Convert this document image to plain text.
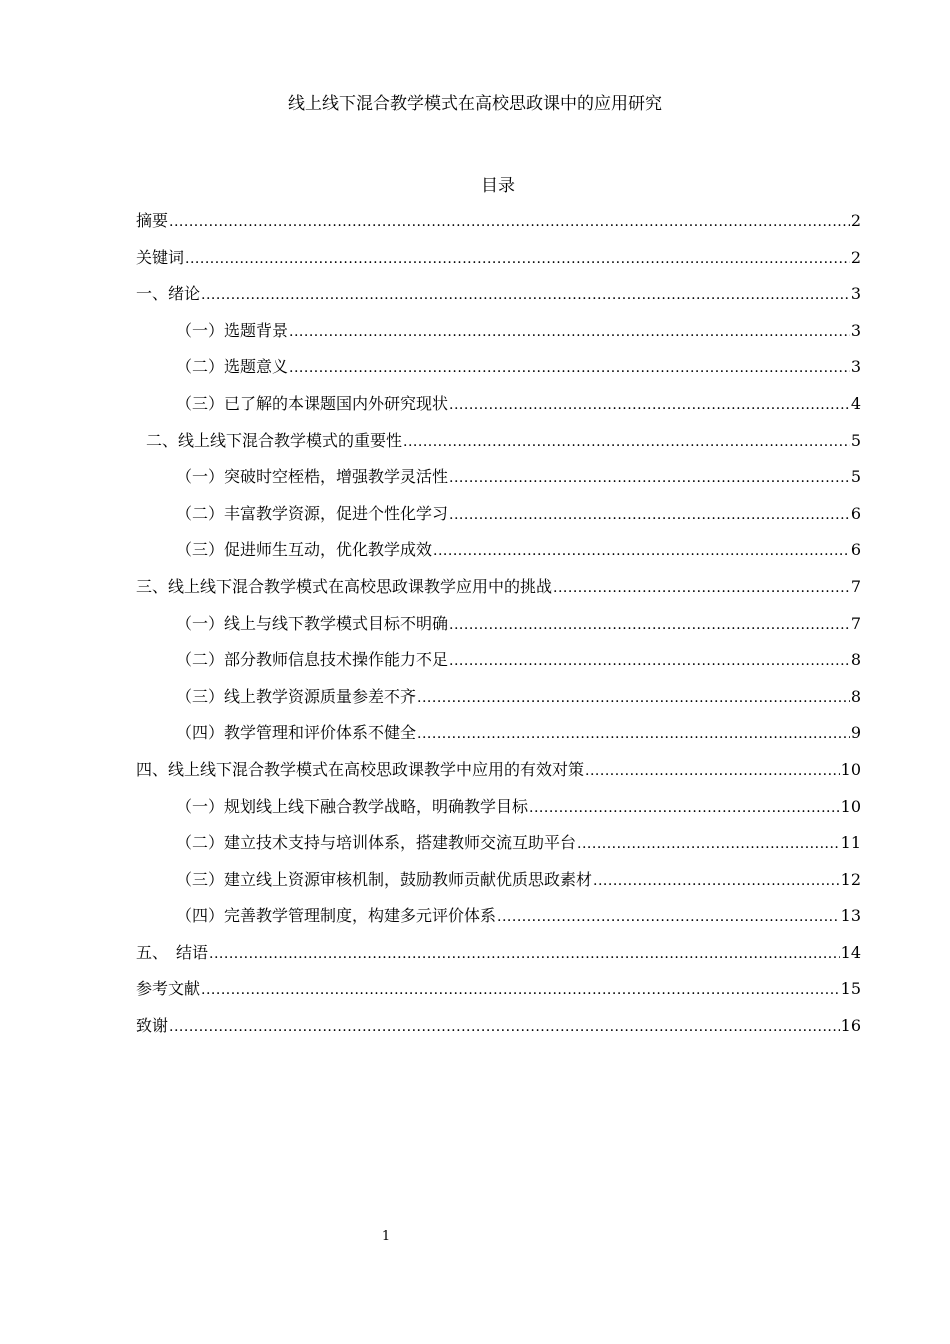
线上线下混合教学模式在高校思政课中的应用研究
目录
摘要 .....	2
关键词 .....	2
一、绪论 .....	3
（一）选题背景 .....	3
（二）选题意义 .....	3
（三）已了解的本课题国内外研究现状 .....	4
二、线上线下混合教学模式的重要性 .....	5
（一）突破时空桎梏，增强教学灵活性 .....	5
（二）丰富教学资源，促进个性化学习 .....	6
（三）促进师生互动，优化教学成效 .....	6
三、线上线下混合教学模式在高校思政课教学应用中的挑战 .....	7
（一）线上与线下教学模式目标不明确 .....	7
（二）部分教师信息技术操作能力不足 .....	8
（三）线上教学资源质量参差不齐 .....	8
（四）教学管理和评价体系不健全 .....	9
四、线上线下混合教学模式在高校思政课教学中应用的有效对策 .....	10
（一）规划线上线下融合教学战略，明确教学目标 .....	10
（二）建立技术支持与培训体系，搭建教师交流互助平台 .....	11
（三）建立线上资源审核机制，鼓励教师贡献优质思政素材 .....	12
（四）完善教学管理制度，构建多元评价体系 .....	13
五、　结语 .....	14
参考文献 .....	15
致谢 .....	16
1
